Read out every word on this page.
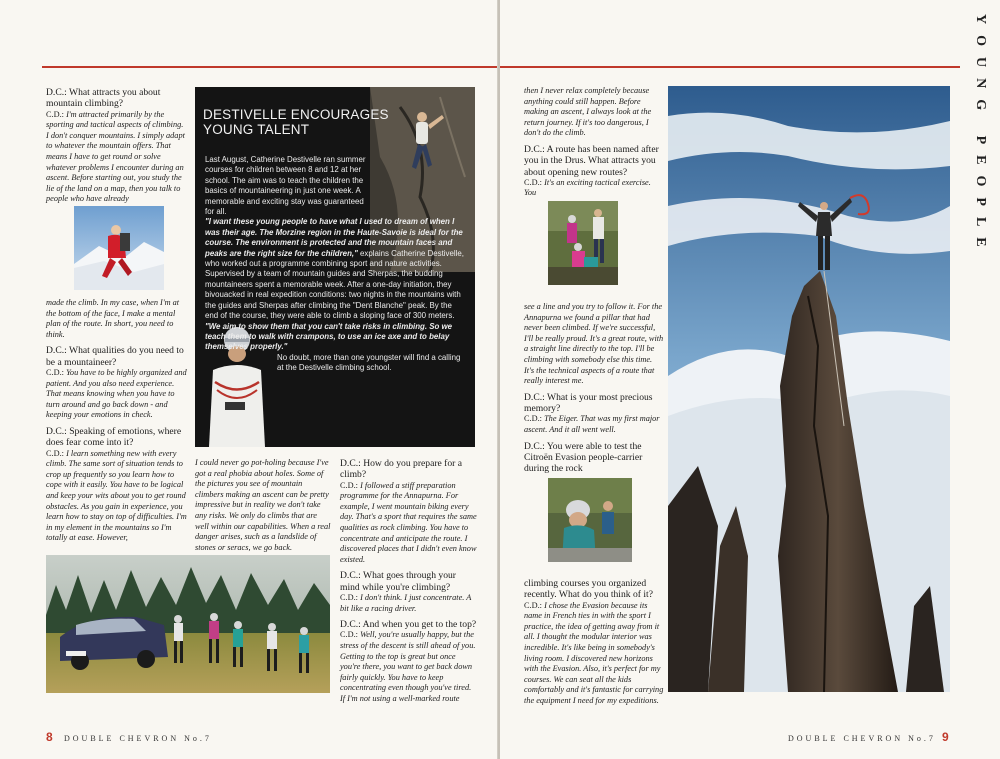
D.C.: What attracts you about mountain climbing?
C.D.: I'm attracted primarily by the sporting and tactical aspects of climbing. I don't conquer mountains. I simply adapt to whatever the mountain offers. That means I have to get round or solve whatever problems I encounter during an ascent. Before starting out, you study the lie of the land on a map, then you talk to people who have already

made the climb. In my case, when I'm at the bottom of the face, I make a mental plan of the route. In short, you need to think.

D.C.: What qualities do you need to be a mountaineer?
C.D.: You have to be highly organized and patient. And you also need experience. That means knowing when you have to turn around and go back down - and keeping your emotions in check.

D.C.: Speaking of emotions, where does fear come into it?
C.D.: I learn something new with every climb. The same sort of situation tends to crop up frequently so you learn how to cope with it easily. You have to be logical and keep your wits about you to get round obstacles. As you gain in experience, you learn how to stay on top of difficulties. I'm in my element in the mountains so I'm totally at ease. However,

DESTIVELLE ENCOURAGES
YOUNG TALENT

Last August, Catherine Destivelle ran summer courses for children between 8 and 12 at her school. The aim was to teach the children the basics of mountaineering in just one week. A memorable and exciting stay was guaranteed for all.

"I want these young people to have what I used to dream of when I was their age. The Morzine region in the Haute-Savoie is ideal for the course. The environment is protected and the mountain faces and peaks are the right size for the children," explains Catherine Destivelle, who worked out a programme combining sport and nature activities. Supervised by a team of mountain guides and Sherpas, the budding mountaineers spent a memorable week. After a one-day initiation, they bivouacked in real expedition conditions: two nights in the mountains with the guides and Sherpas after climbing the "Dent Blanche" peak. By the end of the course, they were able to climb a sloping face of 300 meters. "We aim to show them that you can't take risks in climbing. So we teach them to walk with crampons, to use an ice axe and to belay themselves properly."

No doubt, more than one youngster will find a calling at the Destivelle climbing school.

I could never go pot-holing because I've got a real phobia about holes. Some of the pictures you see of mountain climbers making an ascent can be pretty impressive but in reality we don't take any risks. We only do climbs that are well within our capabilities. When a real danger arises, such as a landslide of stones or seracs, we go back.

D.C.: How do you prepare for a climb?
C.D.: I followed a stiff preparation programme for the Annapurna. For example, I went mountain biking every day. That's a sport that requires the same qualities as rock climbing. You have to concentrate and anticipate the route. I discovered places that I didn't even know existed.

D.C.: What goes through your mind while you're climbing?
C.D.: I don't think. I just concentrate. A bit like a racing driver.

D.C.: And when you get to the top?
C.D.: Well, you're usually happy, but the stress of the descent is still ahead of you. Getting to the top is great but once you're there, you want to get back down fairly quickly. You have to keep concentrating even though you've tired. If I'm not using a well-marked route

8 DOUBLE CHEVRON No.7
YOUNG PEOPLE

then I never relax completely because anything could still happen. Before making an ascent, I always look at the return journey. If it's too dangerous, I don't do the climb.

D.C.: A route has been named after you in the Drus. What attracts you about opening new routes?
C.D.: It's an exciting tactical exercise. You

see a line and you try to follow it. For the Annapurna we found a pillar that had never been climbed. If we're successful, I'll be really proud. It's a great route, with a straight line directly to the top. I'll be climbing with somebody else this time. It's the technical aspects of a route that really interest me.

D.C.: What is your most precious memory?
C.D.: The Eiger. That was my first major ascent. And it all went well.

D.C.: You were able to test the Citroën Evasion people-carrier during the rock

climbing courses you organized recently. What do you think of it?
C.D.: I chose the Evasion because its name in French ties in with the sport I practice, the idea of getting away from it all. I thought the modular interior was incredible. It's like being in somebody's living room. I discovered new horizons with the Evasion. Also, it's perfect for my courses. We can seat all the kids comfortably and it's fantastic for carrying the equipment I need for my expeditions.

DOUBLE CHEVRON No.7 9
